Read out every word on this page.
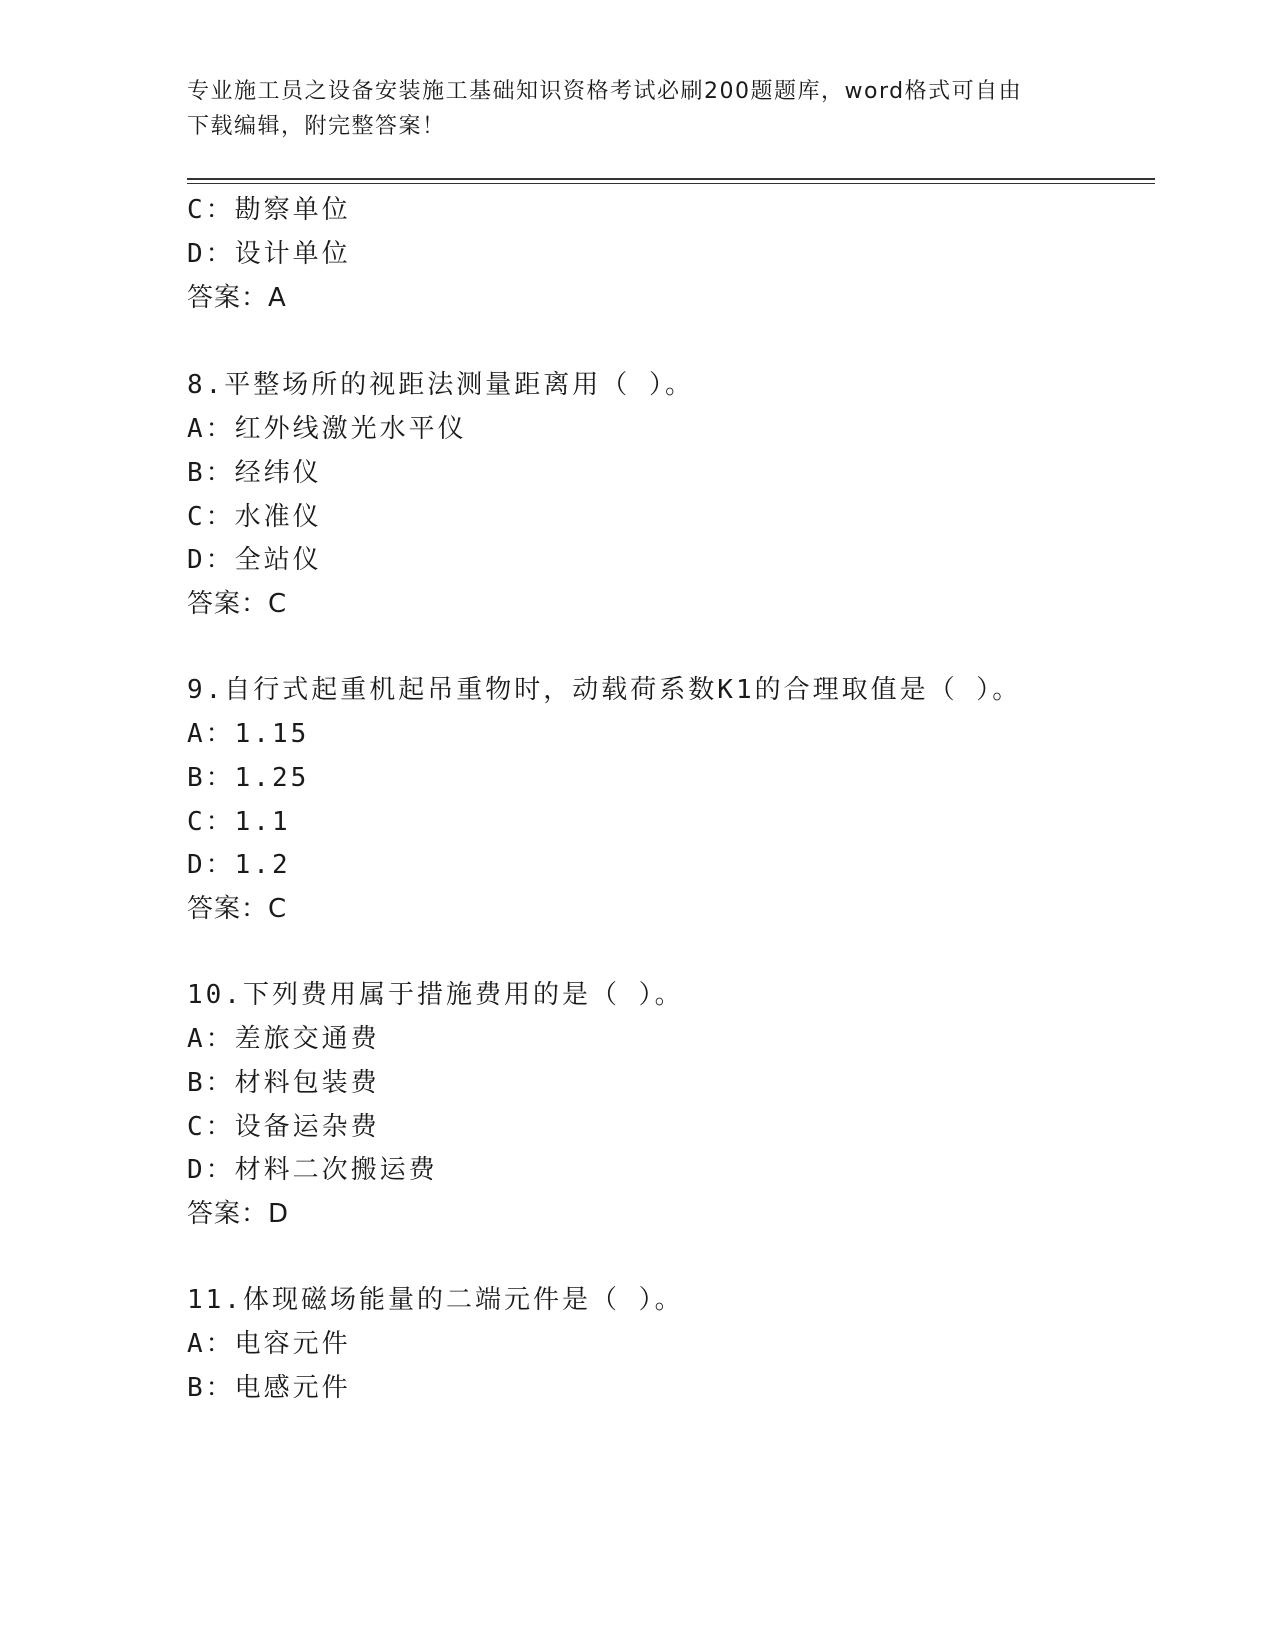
专业施工员之设备安装施工基础知识资格考试必刷200题题库，word格式可自由
下载编辑，附完整答案！
C：勘察单位
D：设计单位
答案：A
8.平整场所的视距法测量距离用（ ）。
A：红外线激光水平仪
B：经纬仪
C：水准仪
D：全站仪
答案：C
9.自行式起重机起吊重物时，动载荷系数K1的合理取值是（ ）。
A：1.15
B：1.25
C：1.1
D：1.2
答案：C
10.下列费用属于措施费用的是（ ）。
A：差旅交通费
B：材料包装费
C：设备运杂费
D：材料二次搬运费
答案：D
11.体现磁场能量的二端元件是（ ）。
A：电容元件
B：电感元件
